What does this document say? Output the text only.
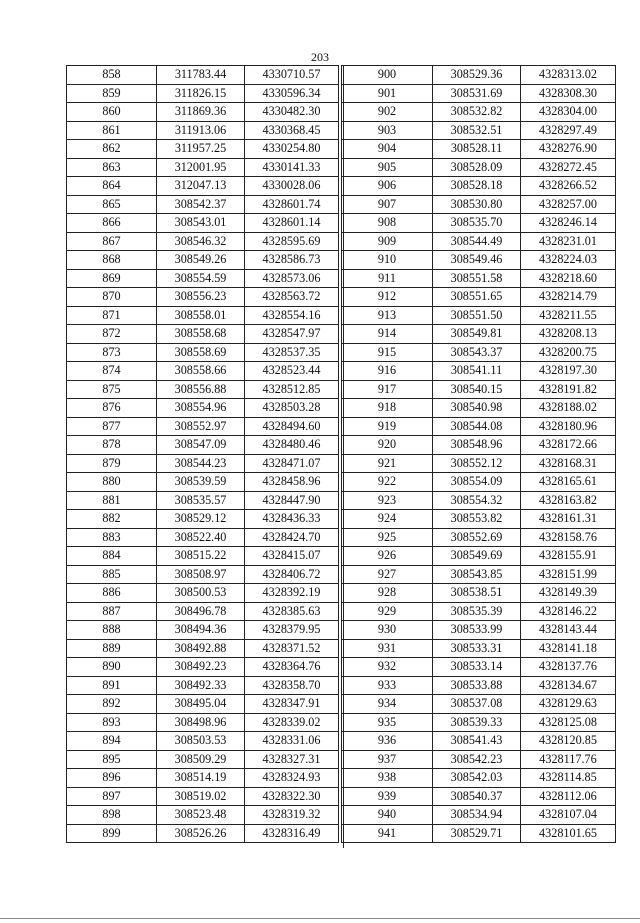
203
858	311783.44	4330710.57
859	311826.15	4330596.34
860	311869.36	4330482.30
861	311913.06	4330368.45
862	311957.25	4330254.80
863	312001.95	4330141.33
864	312047.13	4330028.06
865	308542.37	4328601.74
866	308543.01	4328601.14
867	308546.32	4328595.69
868	308549.26	4328586.73
869	308554.59	4328573.06
870	308556.23	4328563.72
871	308558.01	4328554.16
872	308558.68	4328547.97
873	308558.69	4328537.35
874	308558.66	4328523.44
875	308556.88	4328512.85
876	308554.96	4328503.28
877	308552.97	4328494.60
878	308547.09	4328480.46
879	308544.23	4328471.07
880	308539.59	4328458.96
881	308535.57	4328447.90
882	308529.12	4328436.33
883	308522.40	4328424.70
884	308515.22	4328415.07
885	308508.97	4328406.72
886	308500.53	4328392.19
887	308496.78	4328385.63
888	308494.36	4328379.95
889	308492.88	4328371.52
890	308492.23	4328364.76
891	308492.33	4328358.70
892	308495.04	4328347.91
893	308498.96	4328339.02
894	308503.53	4328331.06
895	308509.29	4328327.31
896	308514.19	4328324.93
897	308519.02	4328322.30
898	308523.48	4328319.32
899	308526.26	4328316.49
900	308529.36	4328313.02
901	308531.69	4328308.30
902	308532.82	4328304.00
903	308532.51	4328297.49
904	308528.11	4328276.90
905	308528.09	4328272.45
906	308528.18	4328266.52
907	308530.80	4328257.00
908	308535.70	4328246.14
909	308544.49	4328231.01
910	308549.46	4328224.03
911	308551.58	4328218.60
912	308551.65	4328214.79
913	308551.50	4328211.55
914	308549.81	4328208.13
915	308543.37	4328200.75
916	308541.11	4328197.30
917	308540.15	4328191.82
918	308540.98	4328188.02
919	308544.08	4328180.96
920	308548.96	4328172.66
921	308552.12	4328168.31
922	308554.09	4328165.61
923	308554.32	4328163.82
924	308553.82	4328161.31
925	308552.69	4328158.76
926	308549.69	4328155.91
927	308543.85	4328151.99
928	308538.51	4328149.39
929	308535.39	4328146.22
930	308533.99	4328143.44
931	308533.31	4328141.18
932	308533.14	4328137.76
933	308533.88	4328134.67
934	308537.08	4328129.63
935	308539.33	4328125.08
936	308541.43	4328120.85
937	308542.23	4328117.76
938	308542.03	4328114.85
939	308540.37	4328112.06
940	308534.94	4328107.04
941	308529.71	4328101.65
